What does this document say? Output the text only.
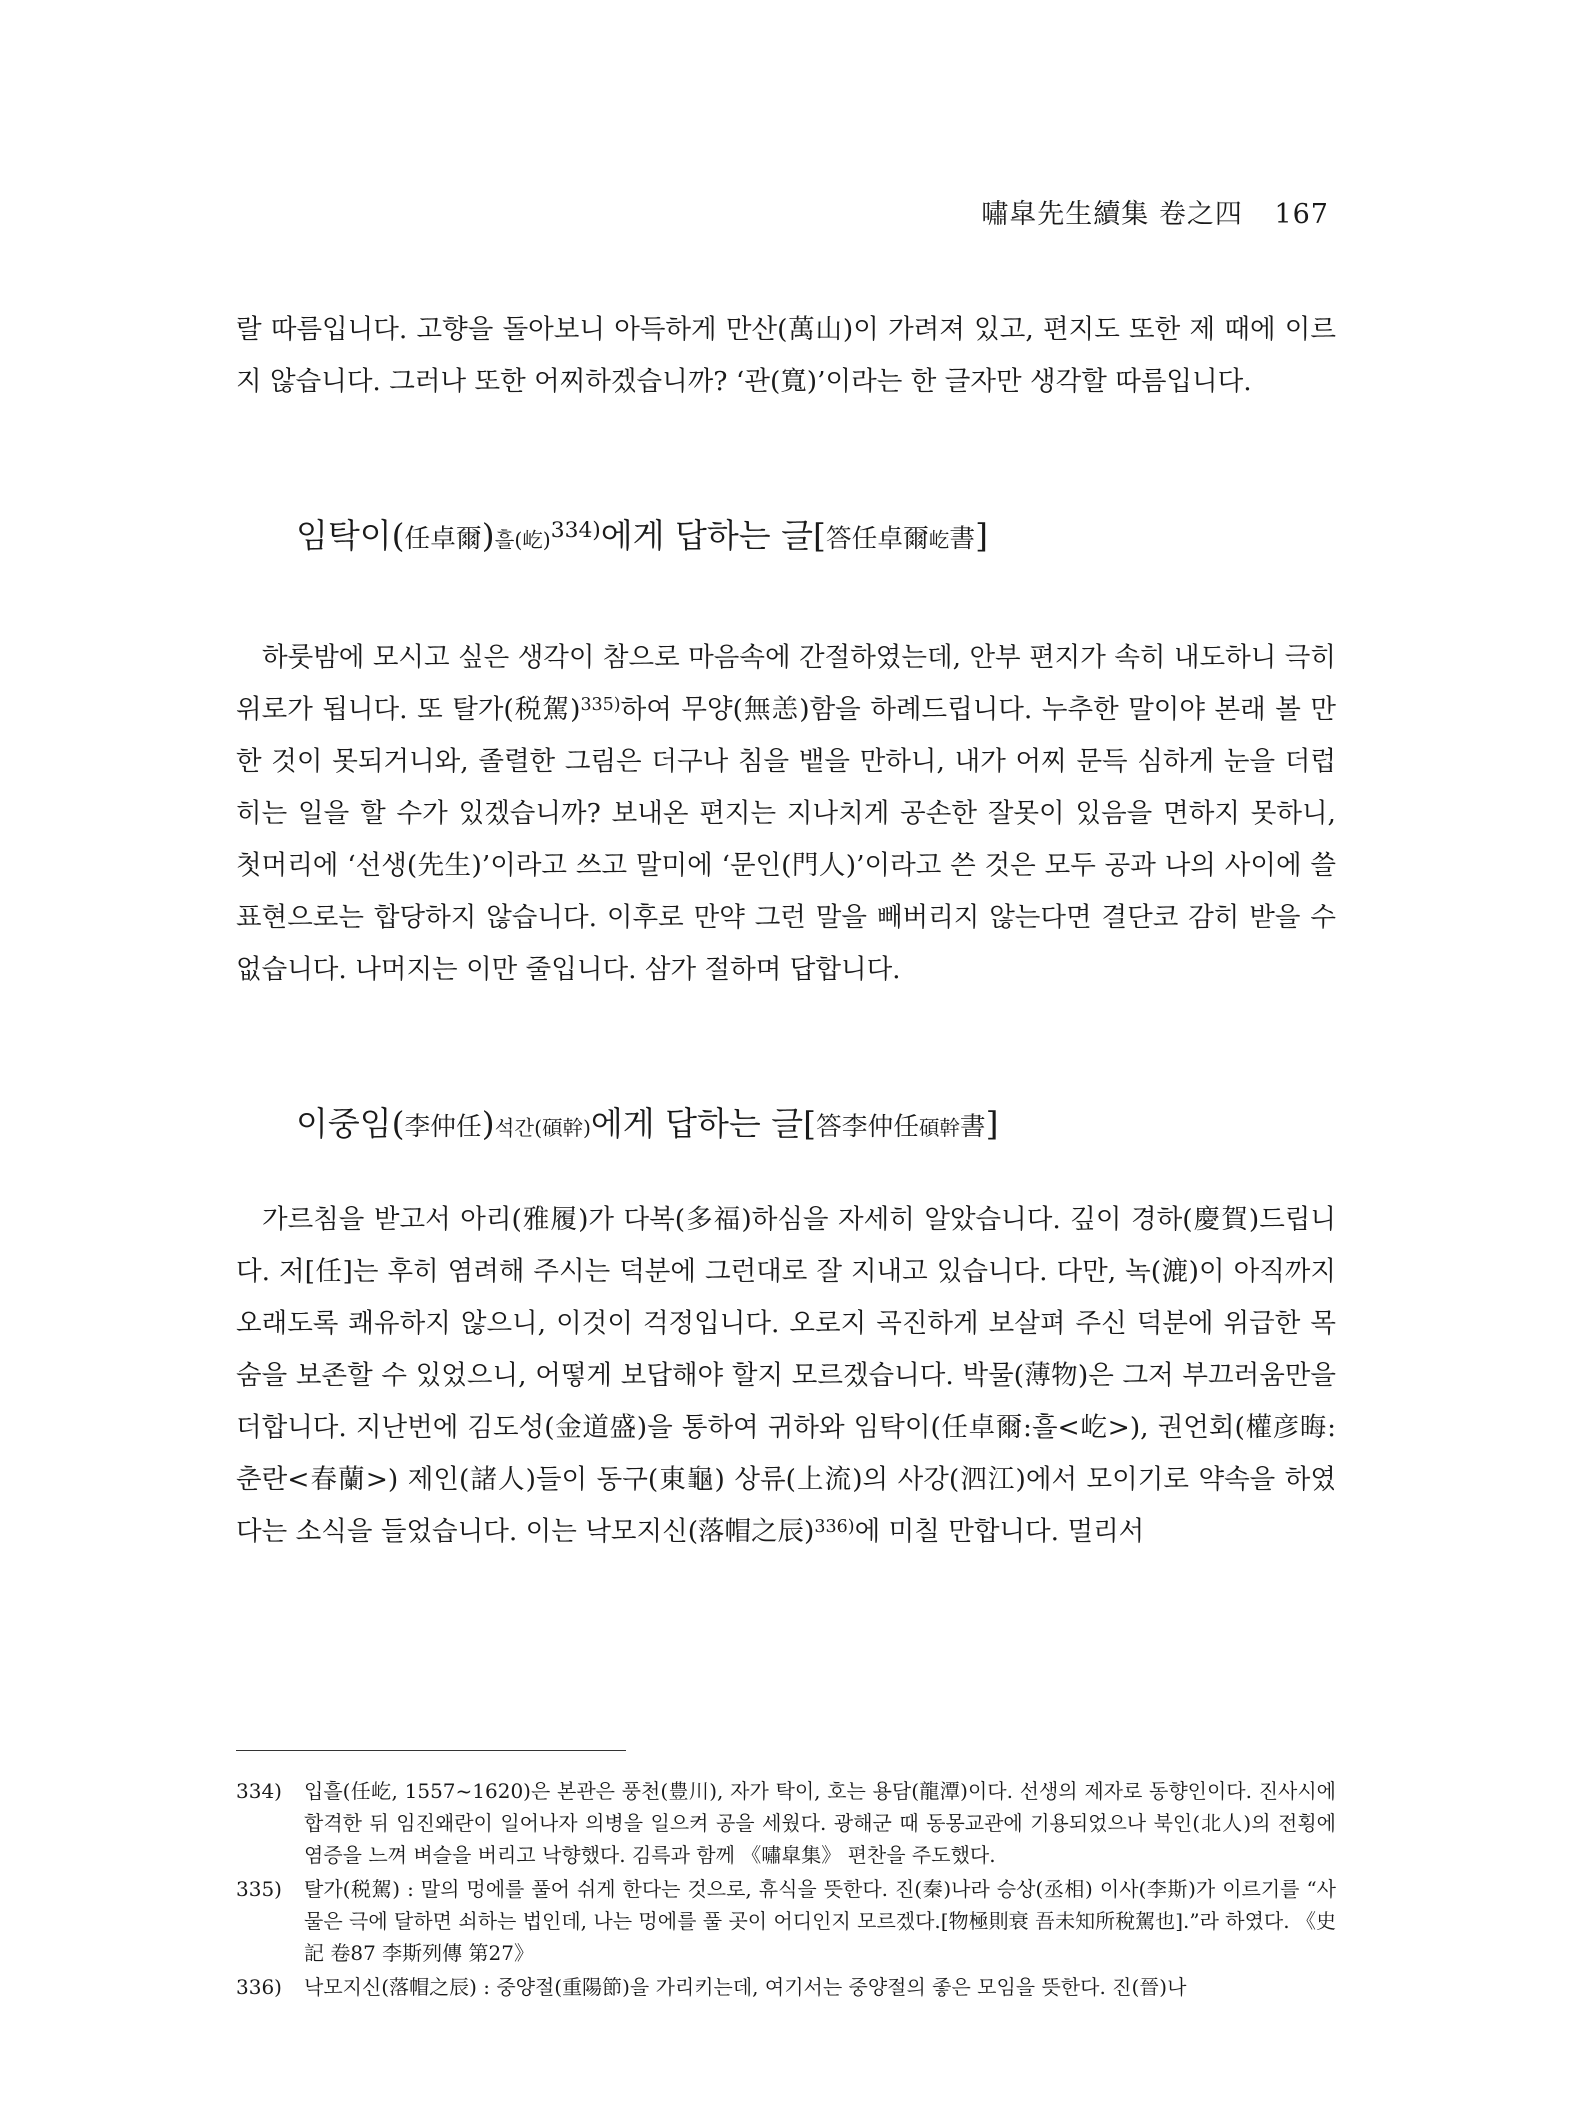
嘯皐先生續集 卷之四 167

랄 따름입니다. 고향을 돌아보니 아득하게 만산(萬山)이 가려져 있고, 편지도 또한 제 때에 이르지 않습니다. 그러나 또한 어찌하겠습니까? ‘관(寬)’이라는 한 글자만 생각할 따름입니다.

임탁이(任卓爾)흘(屹)$^{334)}$에게 답하는 글[答任卓爾屹書]

하룻밤에 모시고 싶은 생각이 참으로 마음속에 간절하였는데, 안부 편지가 속히 내도하니 극히 위로가 됩니다. 또 탈가(税駕)$^{335)}$하여 무양(無恙)함을 하례드립니다. 누추한 말이야 본래 볼 만한 것이 못되거니와, 졸렬한 그림은 더구나 침을 뱉을 만하니, 내가 어찌 문득 심하게 눈을 더럽히는 일을 할 수가 있겠습니까? 보내온 편지는 지나치게 공손한 잘못이 있음을 면하지 못하니, 첫머리에 ‘선생(先生)’이라고 쓰고 말미에 ‘문인(門人)’이라고 쓴 것은 모두 공과 나의 사이에 쓸 표현으로는 합당하지 않습니다. 이후로 만약 그런 말을 빼버리지 않는다면 결단코 감히 받을 수 없습니다. 나머지는 이만 줄입니다. 삼가 절하며 답합니다.

이중임(李仲任)석간(碩幹)에게 답하는 글[答李仲任碩幹書]

가르침을 받고서 아리(雅履)가 다복(多福)하심을 자세히 알았습니다. 깊이 경하(慶賀)드립니다. 저[任]는 후히 염려해 주시는 덕분에 그런대로 잘 지내고 있습니다. 다만, 녹(漉)이 아직까지 오래도록 쾌유하지 않으니, 이것이 걱정입니다. 오로지 곡진하게 보살펴 주신 덕분에 위급한 목숨을 보존할 수 있었으니, 어떻게 보답해야 할지 모르겠습니다. 박물(薄物)은 그저 부끄러움만을 더합니다. 지난번에 김도성(金道盛)을 통하여 귀하와 임탁이(任卓爾:흘<屹>), 권언회(權彦晦:춘란<春蘭>) 제인(諸人)들이 동구(東龜) 상류(上流)의 사강(泗江)에서 모이기로 약속을 하였다는 소식을 들었습니다. 이는 낙모지신(落帽之辰)$^{336)}$에 미칠 만합니다. 멀리서

334)	입흘(任屹, 1557~1620)은 본관은 풍천(豊川), 자가 탁이, 호는 용담(龍潭)이다. 선생의 제자로 동향인이다. 진사시에 합격한 뒤 임진왜란이 일어나자 의병을 일으켜 공을 세웠다. 광해군 때 동몽교관에 기용되었으나 북인(北人)의 전횡에 염증을 느껴 벼슬을 버리고 낙향했다. 김륵과 함께 《嘯皐集》 편찬을 주도했다.
335)	탈가(税駕) : 말의 멍에를 풀어 쉬게 한다는 것으로, 휴식을 뜻한다. 진(秦)나라 승상(丞相) 이사(李斯)가 이르기를 “사물은 극에 달하면 쇠하는 법인데, 나는 멍에를 풀 곳이 어디인지 모르겠다.[物極則衰 吾未知所稅駕也].”라 하였다. 《史記 卷87 李斯列傳 第27》
336)	낙모지신(落帽之辰) : 중양절(重陽節)을 가리키는데, 여기서는 중양절의 좋은 모임을 뜻한다. 진(晉)나
